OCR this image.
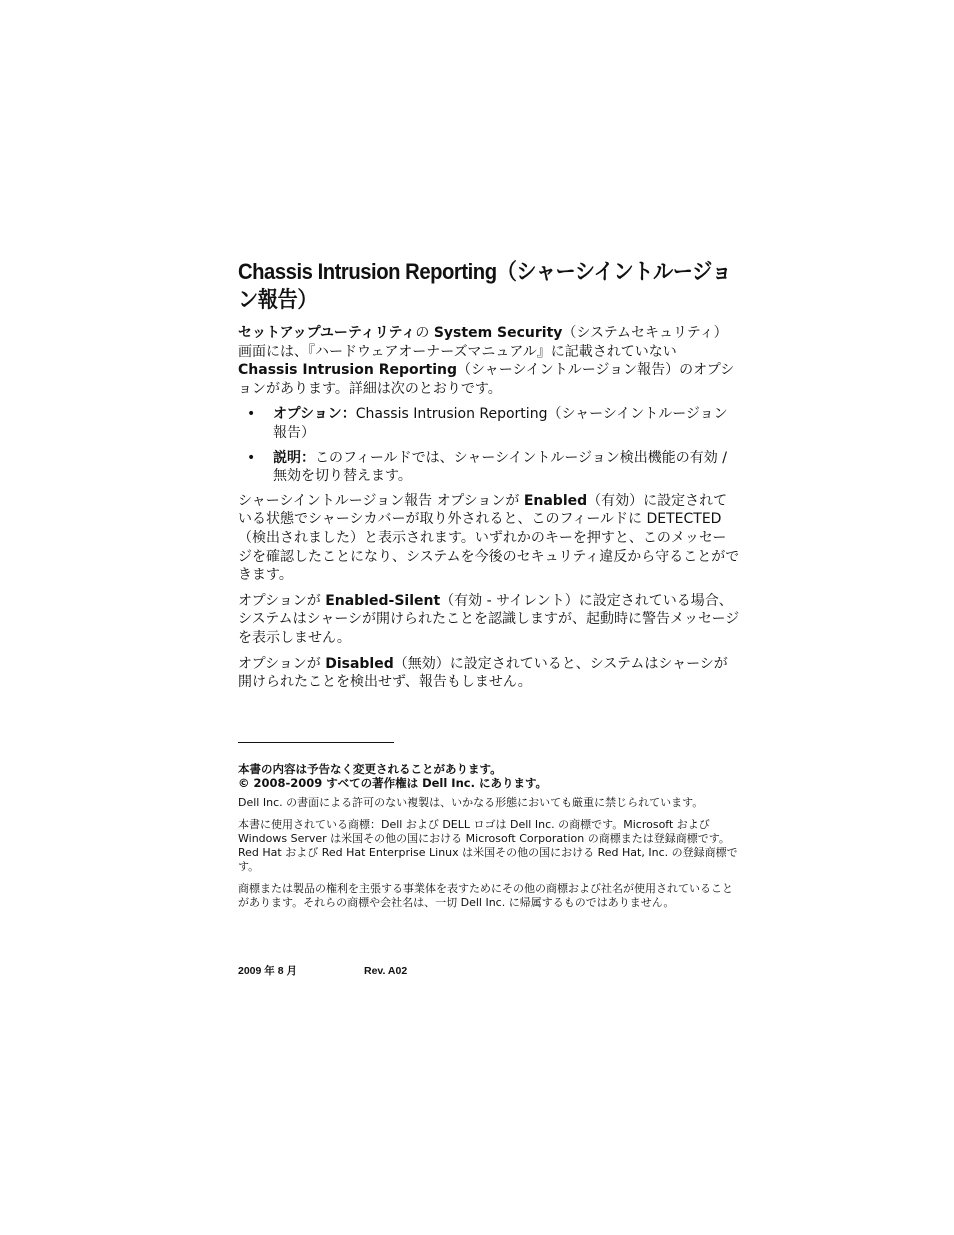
Chassis Intrusion Reporting（シャーシイントルージョン報告）

セットアップユーティリティの System Security（システムセキュリティ）画面には、『ハードウェアオーナーズマニュアル』に記載されていない Chassis Intrusion Reporting（シャーシイントルージョン報告）のオプションがあります。詳細は次のとおりです。

• オプション：Chassis Intrusion Reporting（シャーシイントルージョン報告）
• 説明：このフィールドでは、シャーシイントルージョン検出機能の有効 / 無効を切り替えます。

シャーシイントルージョン報告 オプションが Enabled（有効）に設定されている状態でシャーシカバーが取り外されると、このフィールドに DETECTED（検出されました）と表示されます。いずれかのキーを押すと、このメッセージを確認したことになり、システムを今後のセキュリティ違反から守ることができます。

オプションが Enabled-Silent（有効 - サイレント）に設定されている場合、システムはシャーシが開けられたことを認識しますが、起動時に警告メッセージを表示しません。

オプションが Disabled（無効）に設定されていると、システムはシャーシが開けられたことを検出せず、報告もしません。

本書の内容は予告なく変更されることがあります。
© 2008-2009 すべての著作権は Dell Inc. にあります。

Dell Inc. の書面による許可のない複製は、いかなる形態においても厳重に禁じられています。

本書に使用されている商標：Dell および DELL ロゴは Dell Inc. の商標です。Microsoft および Windows Server は米国その他の国における Microsoft Corporation の商標または登録商標です。Red Hat および Red Hat Enterprise Linux は米国その他の国における Red Hat, Inc. の登録商標です。

商標または製品の権利を主張する事業体を表すためにその他の商標および社名が使用されていることがあります。それらの商標や会社名は、一切 Dell Inc. に帰属するものではありません。

2009 年 8 月	Rev. A02
